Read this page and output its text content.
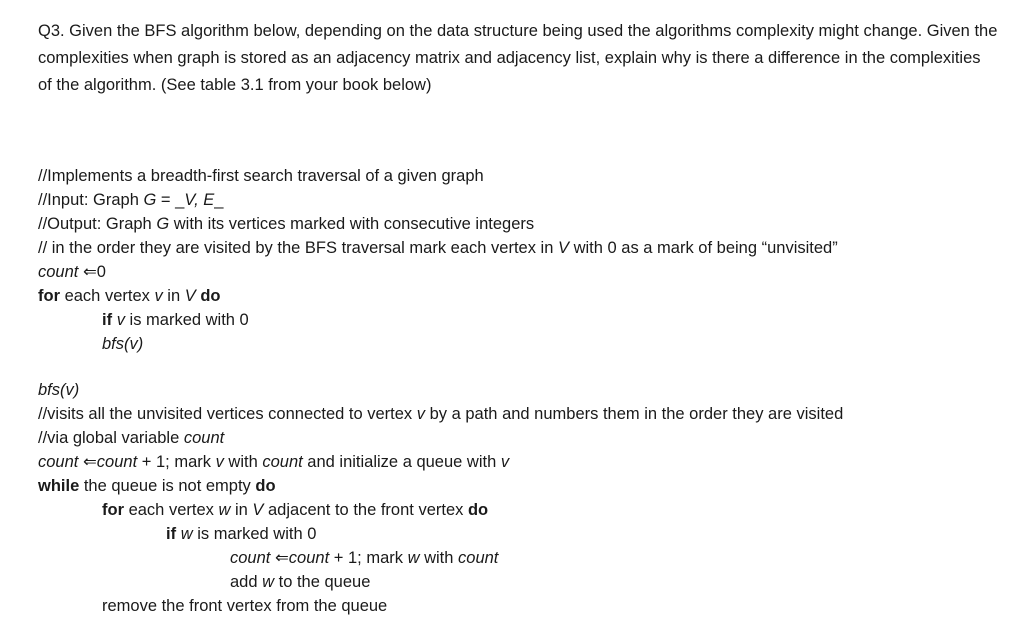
Q3. Given the BFS algorithm below, depending on the data structure being used the algorithms complexity might change. Given the complexities when graph is stored as an adjacency matrix and adjacency list, explain why is there a difference in the complexities of the algorithm. (See table 3.1 from your book below)
//Implements a breadth-first search traversal of a given graph
//Input: Graph G = _V, E_
//Output: Graph G with its vertices marked with consecutive integers
// in the order they are visited by the BFS traversal mark each vertex in V with 0 as a mark of being “unvisited”
count ⇐0
for each vertex v in V do
if v is marked with 0
bfs(v)
bfs(v)
//visits all the unvisited vertices connected to vertex v by a path and numbers them in the order they are visited
//via global variable count
count ⇐count + 1; mark v with count and initialize a queue with v
while the queue is not empty do
for each vertex w in V adjacent to the front vertex do
if w is marked with 0
count ⇐count + 1; mark w with count
add w to the queue
remove the front vertex from the queue
